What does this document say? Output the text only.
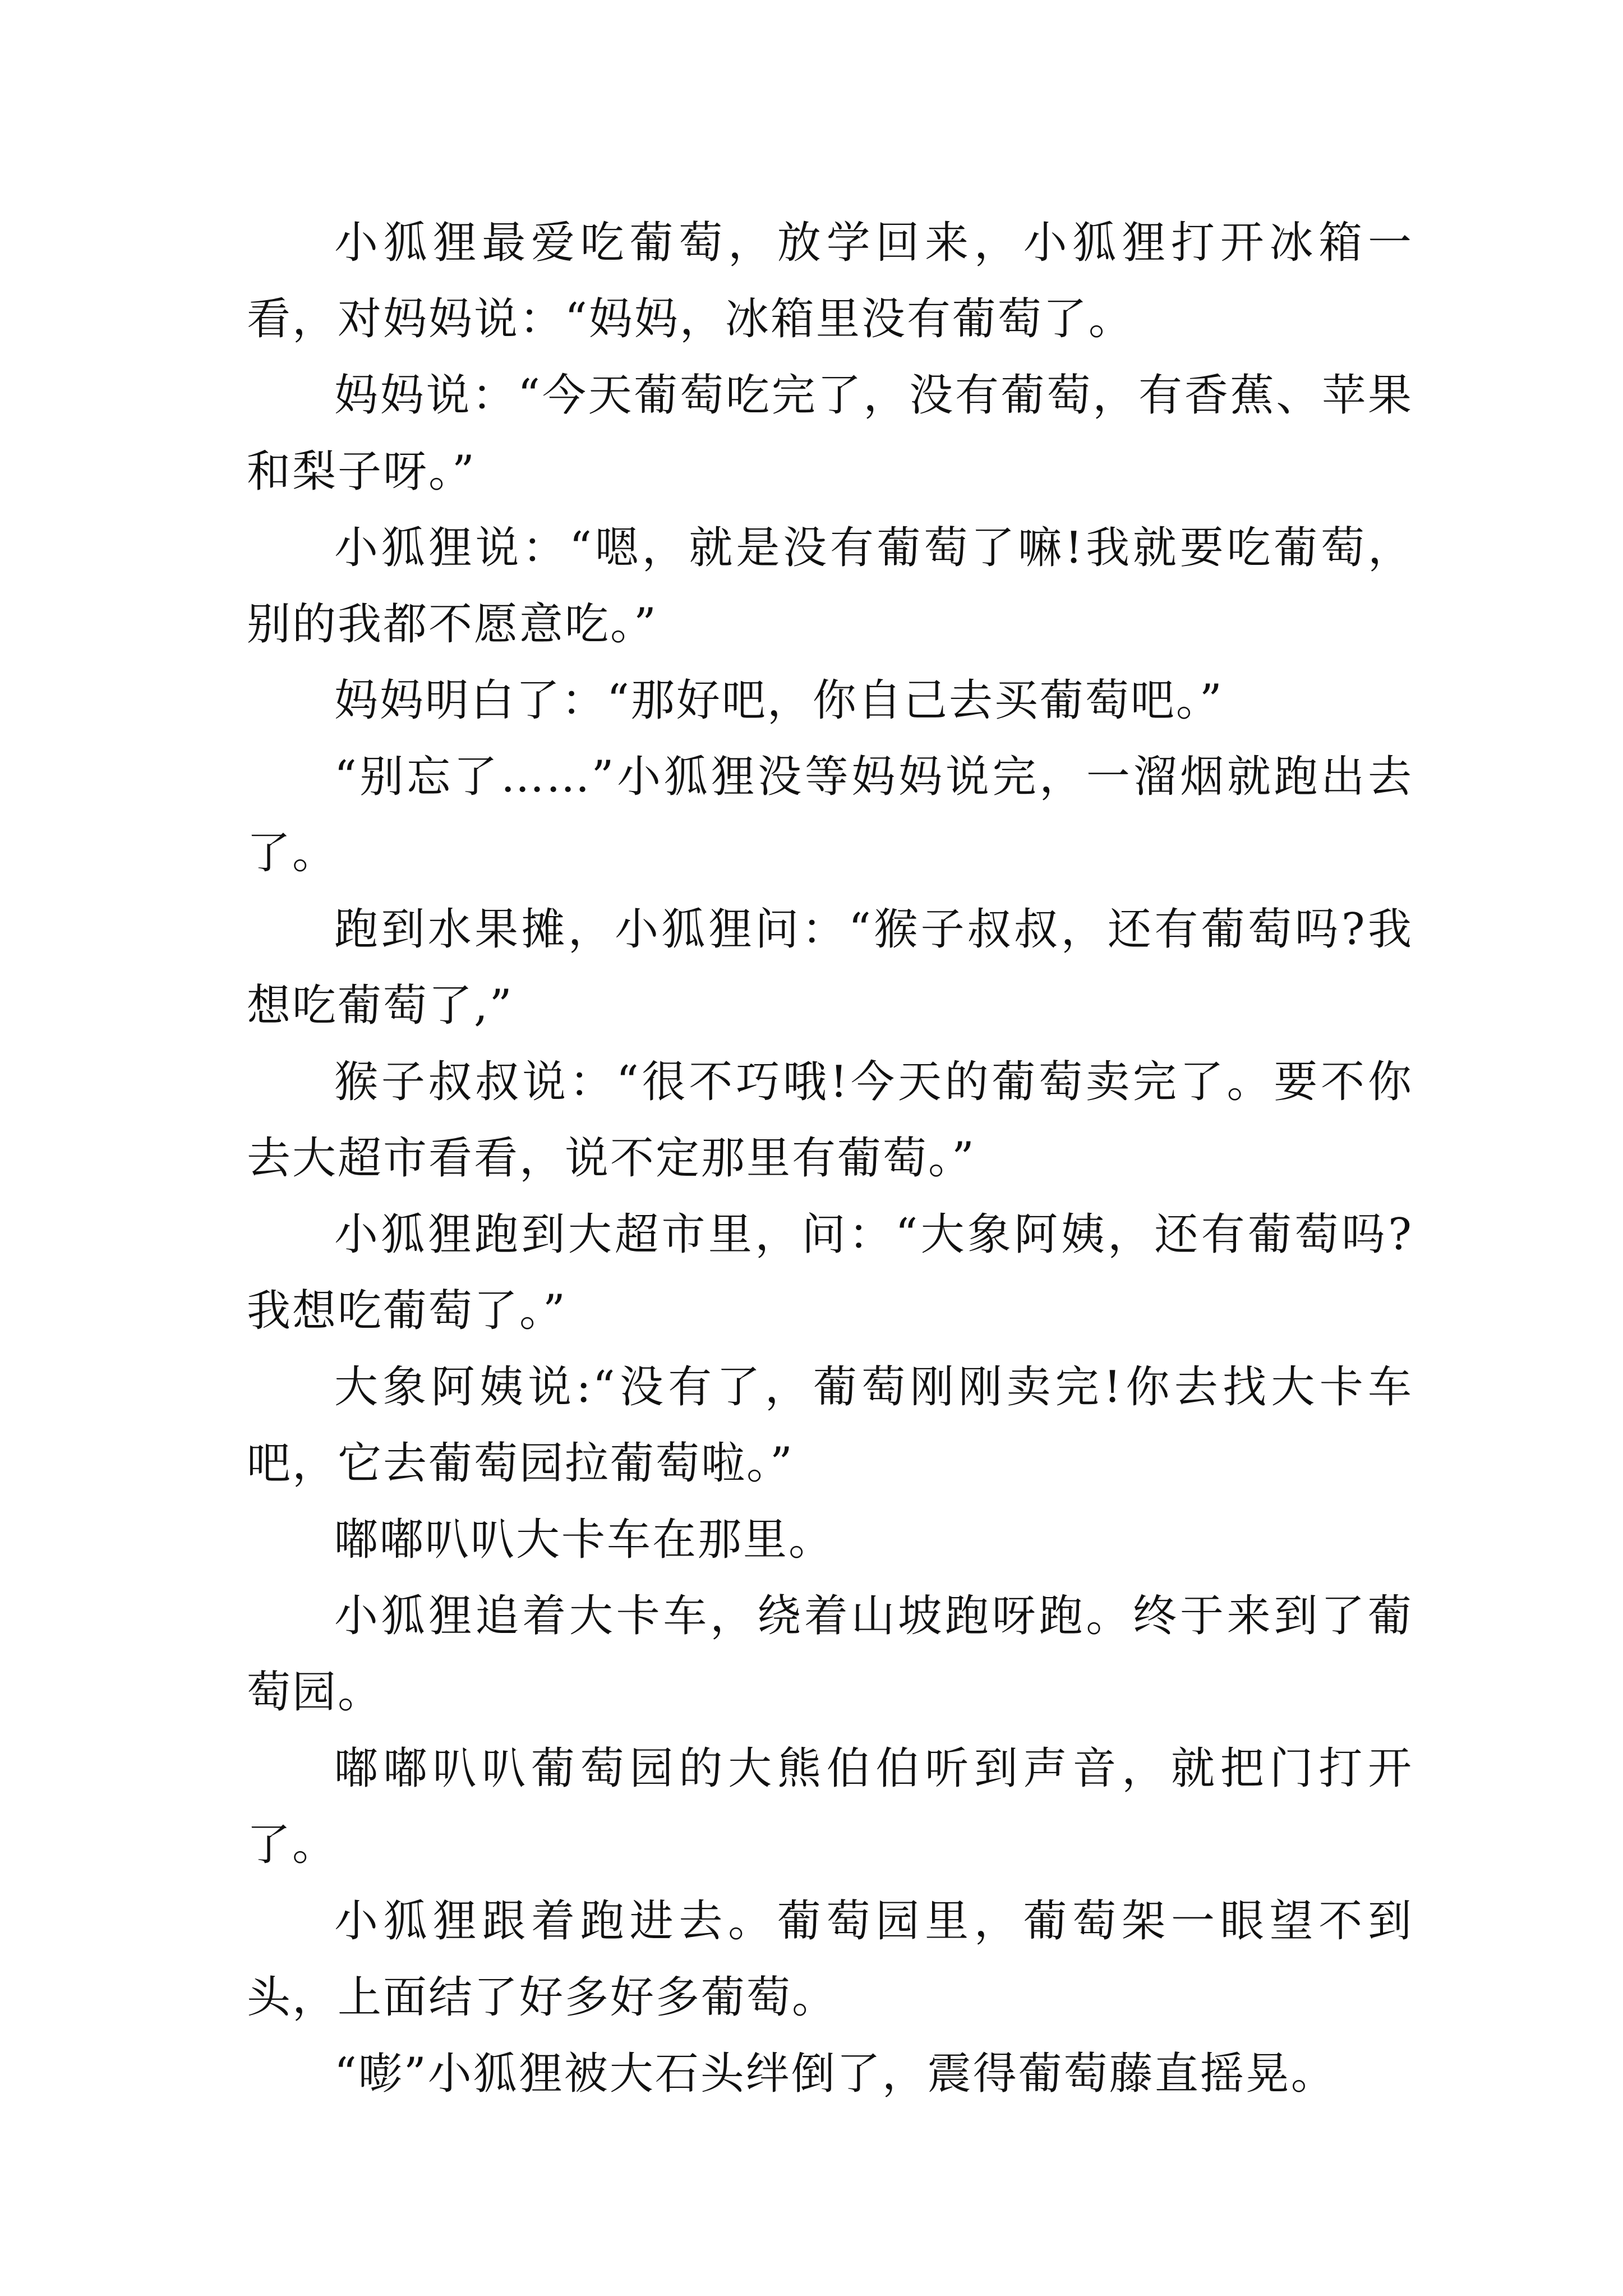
小狐狸最爱吃葡萄，放学回来，小狐狸打开冰箱一看，对妈妈说：“妈妈，冰箱里没有葡萄了。

妈妈说：“今天葡萄吃完了，没有葡萄，有香蕉、苹果和梨子呀。”

小狐狸说：“嗯，就是没有葡萄了嘛!我就要吃葡萄，别的我都不愿意吃。”

妈妈明白了：“那好吧，你自己去买葡萄吧。”

“别忘了……”小狐狸没等妈妈说完，一溜烟就跑出去了。

跑到水果摊，小狐狸问：“猴子叔叔，还有葡萄吗?我想吃葡萄了,”

猴子叔叔说：“很不巧哦!今天的葡萄卖完了。要不你去大超市看看，说不定那里有葡萄。”

小狐狸跑到大超市里，问：“大象阿姨，还有葡萄吗?我想吃葡萄了。”

大象阿姨说:“没有了，葡萄刚刚卖完!你去找大卡车吧，它去葡萄园拉葡萄啦。”

嘟嘟叭叭大卡车在那里。

小狐狸追着大卡车，绕着山坡跑呀跑。终于来到了葡萄园。

嘟嘟叭叭葡萄园的大熊伯伯听到声音，就把门打开了。

小狐狸跟着跑进去。葡萄园里，葡萄架一眼望不到头，上面结了好多好多葡萄。

“嘭”小狐狸被大石头绊倒了，震得葡萄藤直摇晃。
